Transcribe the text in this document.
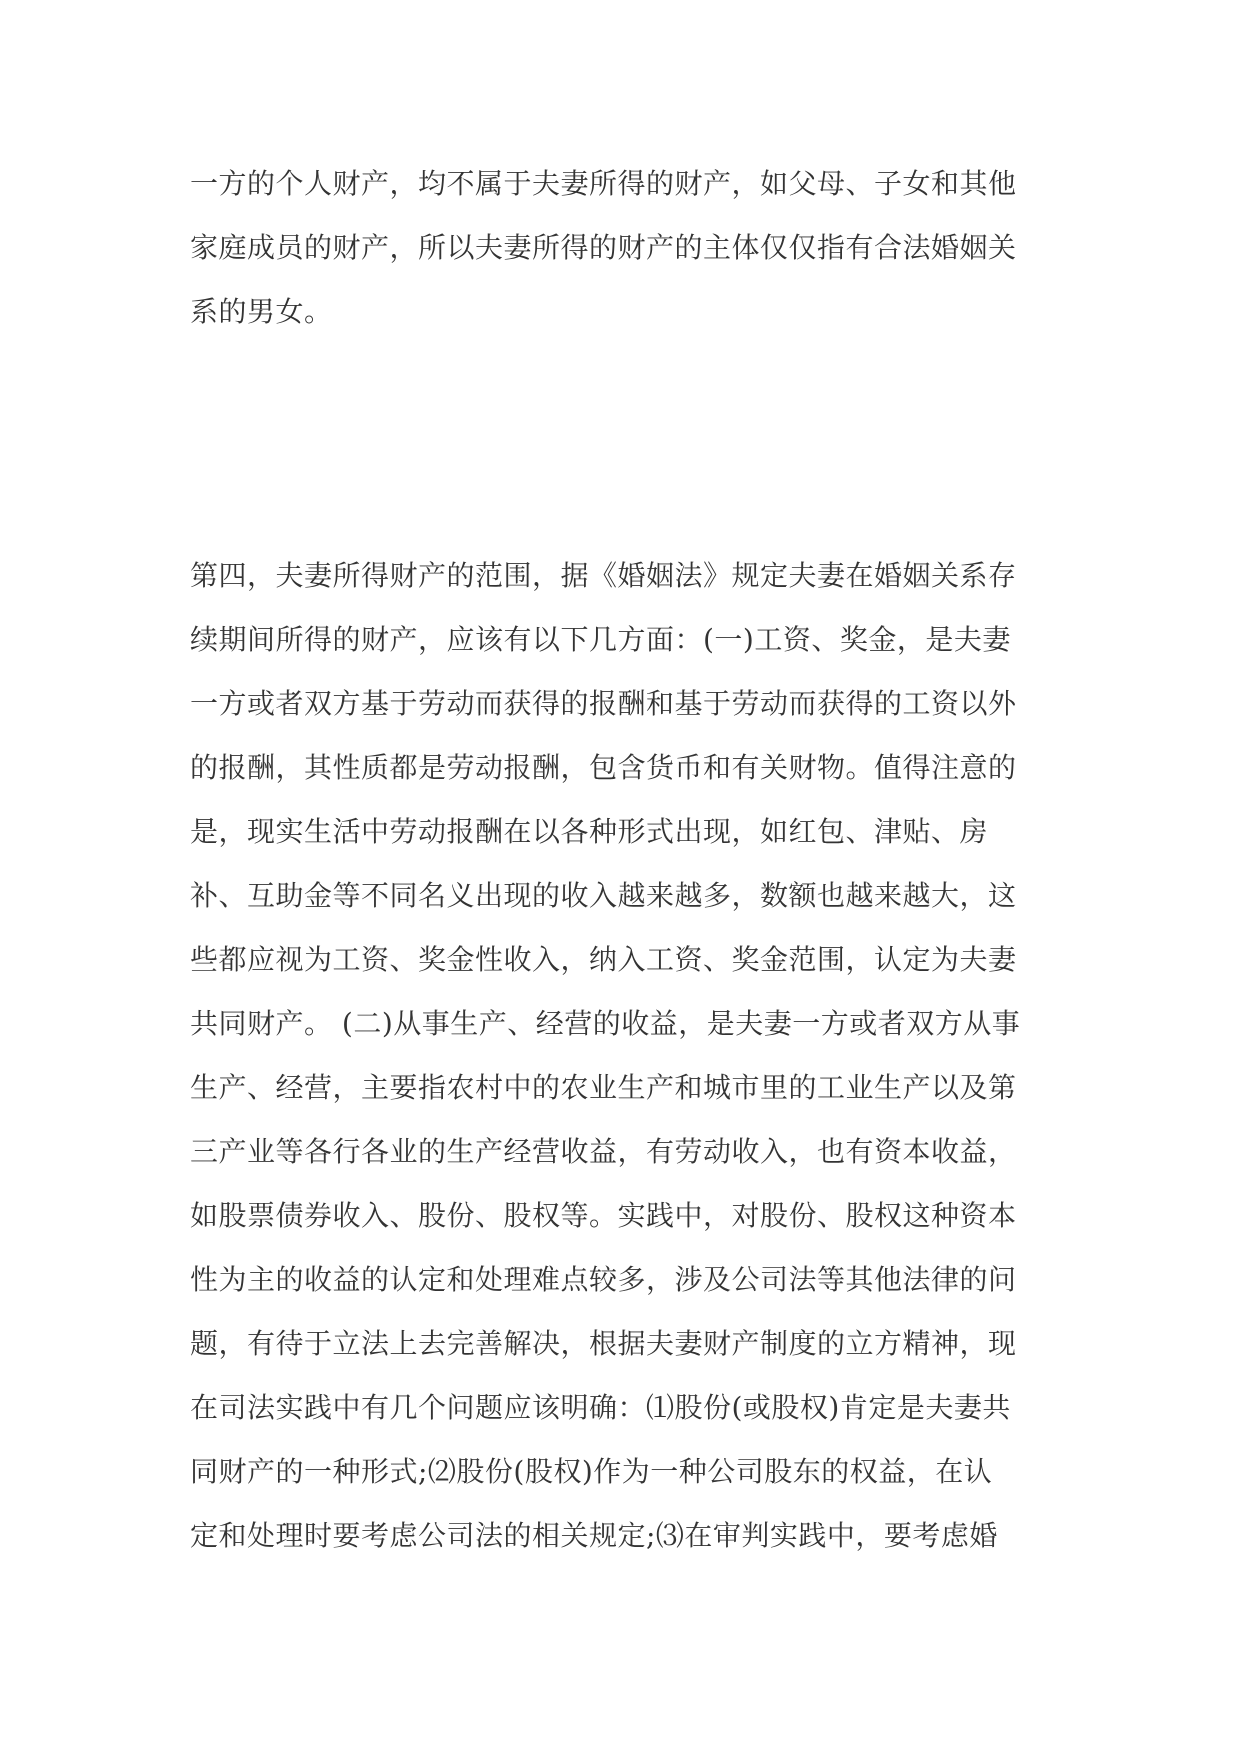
一方的个人财产，均不属于夫妻所得的财产，如父母、子女和其他
家庭成员的财产，所以夫妻所得的财产的主体仅仅指有合法婚姻关
系的男女。
第四，夫妻所得财产的范围，据《婚姻法》规定夫妻在婚姻关系存
续期间所得的财产，应该有以下几方面：(一)工资、奖金，是夫妻
一方或者双方基于劳动而获得的报酬和基于劳动而获得的工资以外
的报酬，其性质都是劳动报酬，包含货币和有关财物。值得注意的
是，现实生活中劳动报酬在以各种形式出现，如红包、津贴、房
补、互助金等不同名义出现的收入越来越多，数额也越来越大，这
些都应视为工资、奖金性收入，纳入工资、奖金范围，认定为夫妻
共同财产。 (二)从事生产、经营的收益，是夫妻一方或者双方从事
生产、经营，主要指农村中的农业生产和城市里的工业生产以及第
三产业等各行各业的生产经营收益，有劳动收入，也有资本收益，
如股票债券收入、股份、股权等。实践中，对股份、股权这种资本
性为主的收益的认定和处理难点较多，涉及公司法等其他法律的问
题，有待于立法上去完善解决，根据夫妻财产制度的立方精神，现
在司法实践中有几个问题应该明确：⑴股份(或股权)肯定是夫妻共
同财产的一种形式;⑵股份(股权)作为一种公司股东的权益，在认
定和处理时要考虑公司法的相关规定;⑶在审判实践中，要考虑婚
